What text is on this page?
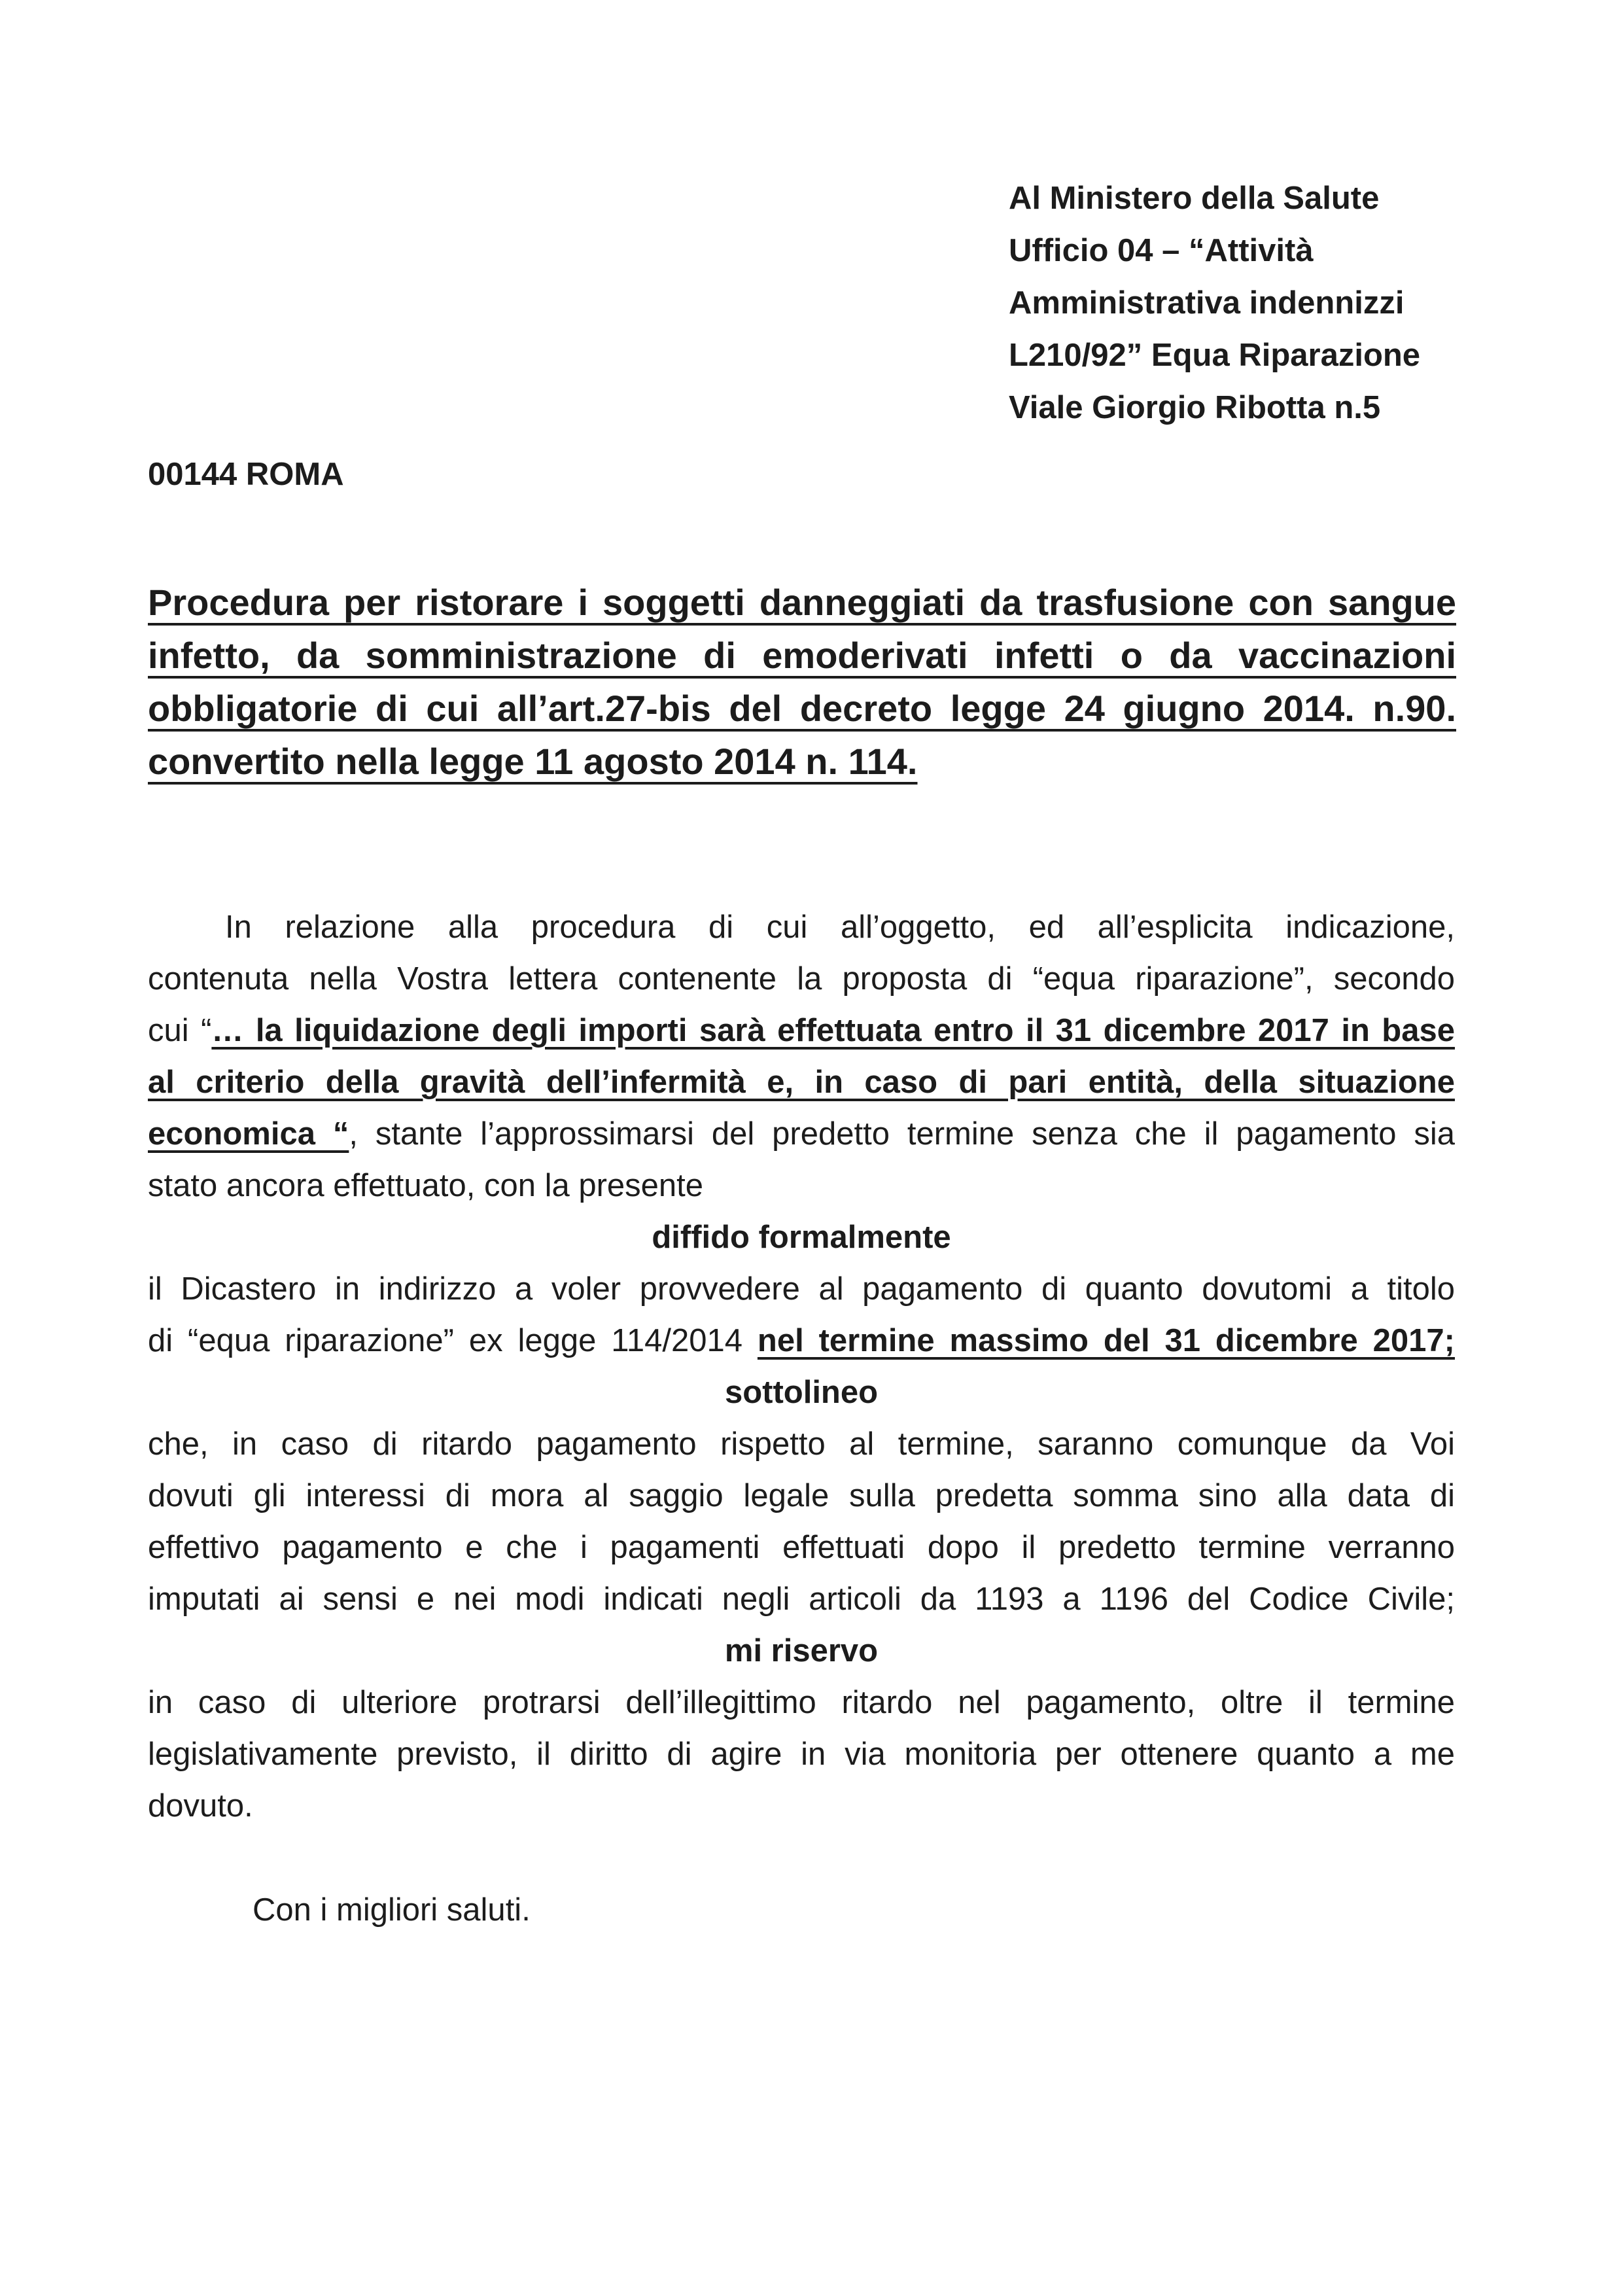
Al Ministero della Salute
Ufficio 04 – “Attività
Amministrativa indennizzi
L210/92” Equa Riparazione
Viale Giorgio Ribotta n.5
00144 ROMA
Procedura per ristorare i soggetti danneggiati da trasfusione con sangue
infetto, da somministrazione di emoderivati infetti o da vaccinazioni
obbligatorie di cui all’art.27-bis del decreto legge 24 giugno 2014. n.90.
convertito nella legge 11 agosto 2014 n. 114.
In relazione alla procedura di cui all’oggetto, ed all’esplicita indicazione,
contenuta nella Vostra lettera contenente la proposta di “equa riparazione”, secondo
cui “… la liquidazione degli importi sarà effettuata entro il 31 dicembre 2017 in base
al criterio della gravità dell’infermità e, in caso di pari entità, della situazione
economica “, stante l’approssimarsi del predetto termine senza che il pagamento sia
stato ancora effettuato, con la presente
diffido formalmente
il Dicastero in indirizzo a voler provvedere al pagamento di quanto dovutomi a titolo
di “equa riparazione” ex legge 114/2014 nel termine massimo del 31 dicembre 2017;
sottolineo
che, in caso di ritardo pagamento rispetto al termine, saranno comunque da Voi
dovuti gli interessi di mora al saggio legale sulla predetta somma sino alla data di
effettivo pagamento e che i pagamenti effettuati dopo il predetto termine verranno
imputati ai sensi e nei modi indicati negli articoli da 1193 a 1196 del Codice Civile;
mi riservo
in caso di ulteriore protrarsi dell’illegittimo ritardo nel pagamento, oltre il termine
legislativamente previsto, il diritto di agire in via monitoria per ottenere quanto a me
dovuto.
Con i migliori saluti.
